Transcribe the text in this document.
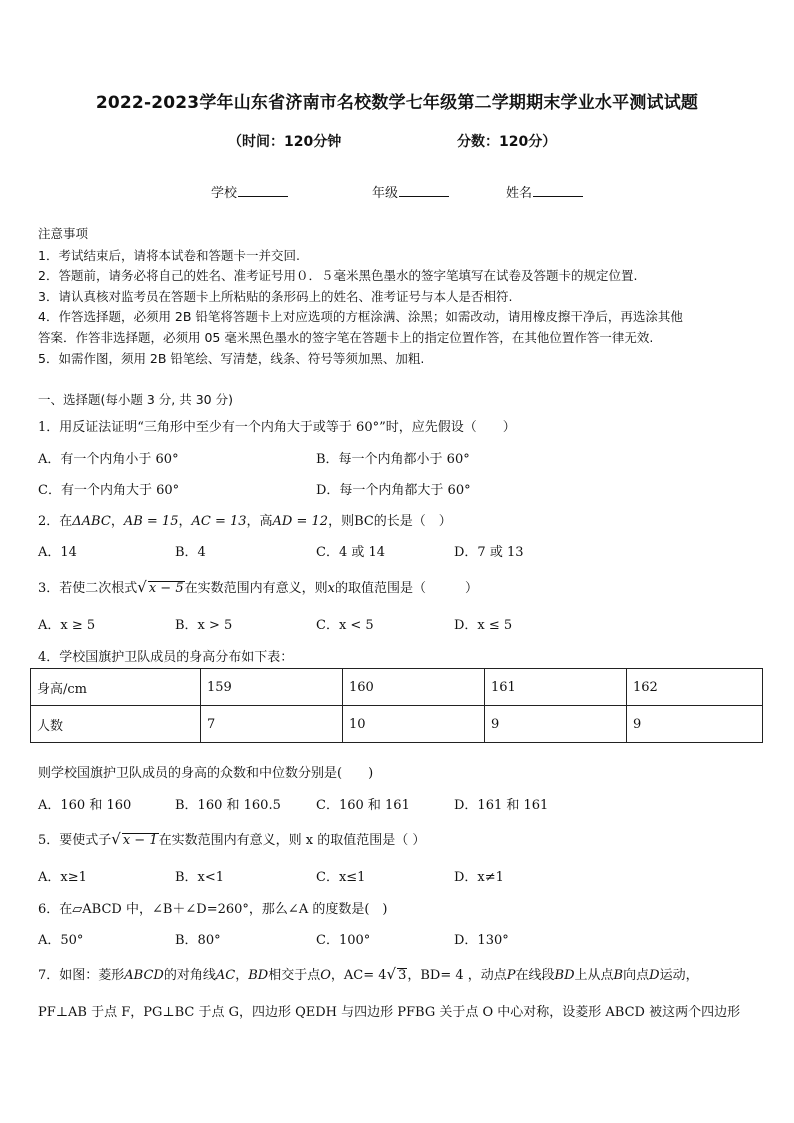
2022-2023学年山东省济南市名校数学七年级第二学期期末学业水平测试试题
（时间：120分钟	分数：120分）
学校	年级	姓名
注意事项
1．考试结束后，请将本试卷和答题卡一并交回.
2．答题前，请务必将自己的姓名、准考证号用０．５毫米黑色墨水的签字笔填写在试卷及答题卡的规定位置.
3．请认真核对监考员在答题卡上所粘贴的条形码上的姓名、准考证号与本人是否相符.
4．作答选择题，必须用 2B 铅笔将答题卡上对应选项的方框涂满、涂黑；如需改动，请用橡皮擦干净后，再选涂其他
答案．作答非选择题，必须用 05 毫米黑色墨水的签字笔在答题卡上的指定位置作答，在其他位置作答一律无效.
5．如需作图，须用 2B 铅笔绘、写清楚，线条、符号等须加黑、加粗.
一、选择题(每小题 3 分, 共 30 分)
1．用反证法证明“三角形中至少有一个内角大于或等于 60°”时，应先假设（　　）
A．有一个内角小于 60°	B．每一个内角都小于 60°
C．有一个内角大于 60°	D．每一个内角都大于 60°
2．在ΔABC，AB = 15，AC = 13，高AD = 12，则BC的长是（　）
A．14	B．4	C．4 或 14	D．7 或 13
3．若使二次根式√ x − 5在实数范围内有意义，则x的取值范围是（　　　）
A．x ≥ 5	B．x > 5	C．x < 5	D．x ≤ 5
4．学校国旗护卫队成员的身高分布如下表：
身高/cm	159	160	161	162
人数	7	10	9	9
则学校国旗护卫队成员的身高的众数和中位数分别是(　　)
A．160 和 160	B．160 和 160.5	C．160 和 161	D．161 和 161
5．要使式子√ x − 1在实数范围内有意义，则 x 的取值范围是（ ）
A．x≥1	B．x<1	C．x≤1	D．x≠1
6．在▱ABCD 中，∠B＋∠D=260°，那么∠A 的度数是(　)
A．50°	B．80°	C．100°	D．130°
7．如图：菱形ABCD的对角线AC，BD相交于点O，AC= 4√ 3，BD= 4 ，动点P在线段BD上从点B向点D运动，
PF⊥AB 于点 F，PG⊥BC 于点 G，四边形 QEDH 与四边形 PFBG 关于点 O 中心对称，设菱形 ABCD 被这两个四边形
